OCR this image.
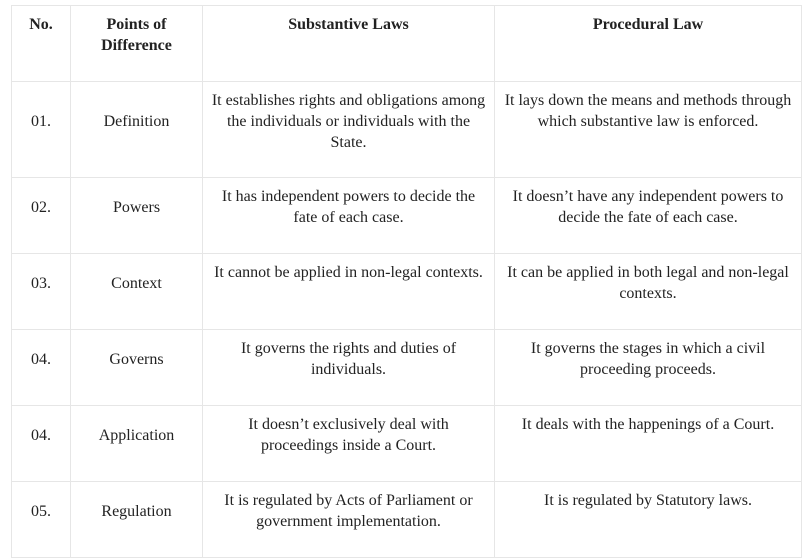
No.	Points of Difference	Substantive Laws	Procedural Law
01.	Definition	It establishes rights and obligations among the individuals or individuals with the State.	It lays down the means and methods through which substantive law is enforced.
02.	Powers	It has independent powers to decide the fate of each case.	It doesn’t have any independent powers to decide the fate of each case.
03.	Context	It cannot be applied in non-legal contexts.	It can be applied in both legal and non-legal contexts.
04.	Governs	It governs the rights and duties of individuals.	It governs the stages in which a civil proceeding proceeds.
04.	Application	It doesn’t exclusively deal with proceedings inside a Court.	It deals with the happenings of a Court.
05.	Regulation	It is regulated by Acts of Parliament or government implementation.	It is regulated by Statutory laws.
